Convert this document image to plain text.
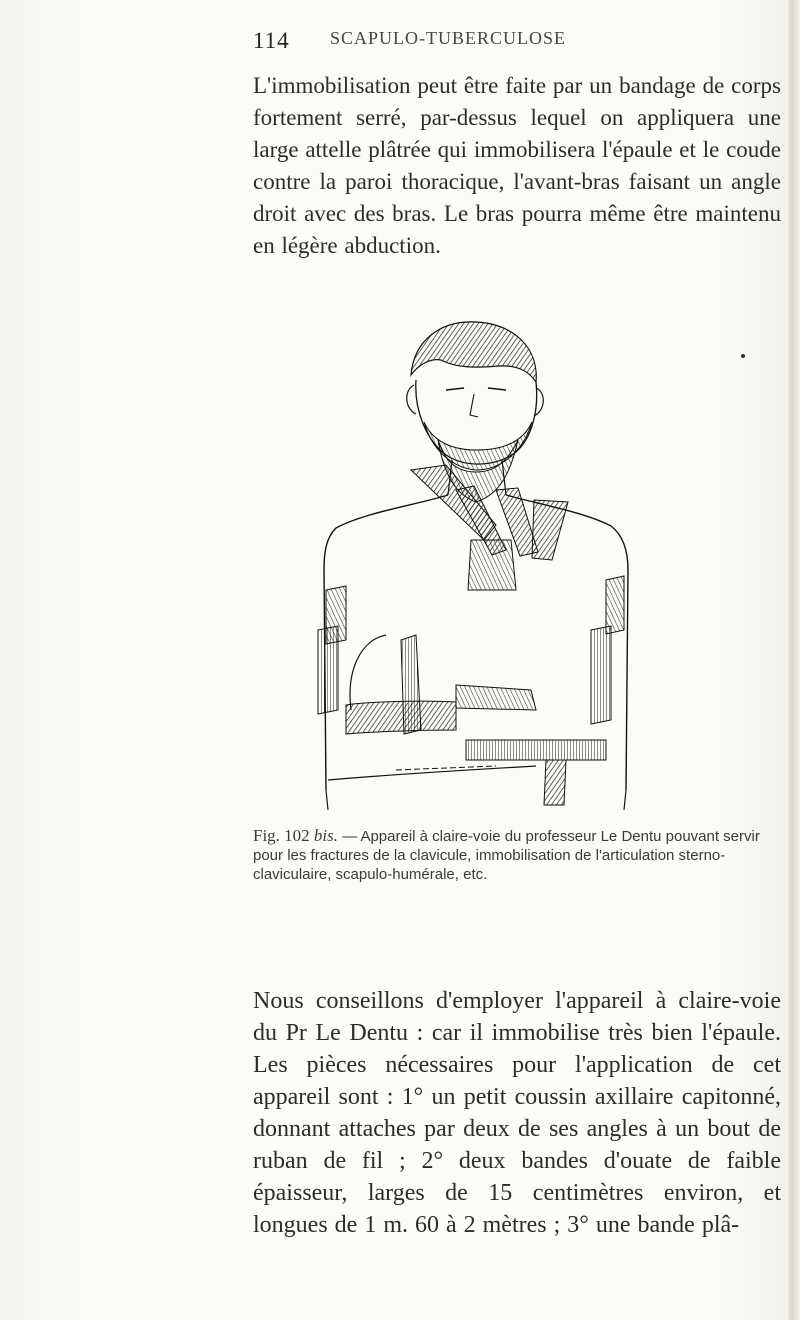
114 SCAPULO-TUBERCULOSE
L'immobilisation peut être faite par un bandage de corps fortement serré, par-dessus lequel on appliquera une large attelle plâtrée qui immobilisera l'épaule et le coude contre la paroi thoracique, l'avant-bras faisant un angle droit avec des bras. Le bras pourra même être maintenu en légère abduction.
Fig. 102 bis. — Appareil à claire-voie du professeur Le Dentu pouvant servir pour les fractures de la clavicule, immobilisation de l'articulation sterno-claviculaire, scapulo-humérale, etc.
Nous conseillons d'employer l'appareil à claire-voie du Pr Le Dentu : car il immobilise très bien l'épaule. Les pièces nécessaires pour l'application de cet appareil sont : 1° un petit coussin axillaire capitonné, donnant attaches par deux de ses angles à un bout de ruban de fil ; 2° deux bandes d'ouate de faible épaisseur, larges de 15 centimètres environ, et longues de 1 m. 60 à 2 mètres ; 3° une bande plâ-
